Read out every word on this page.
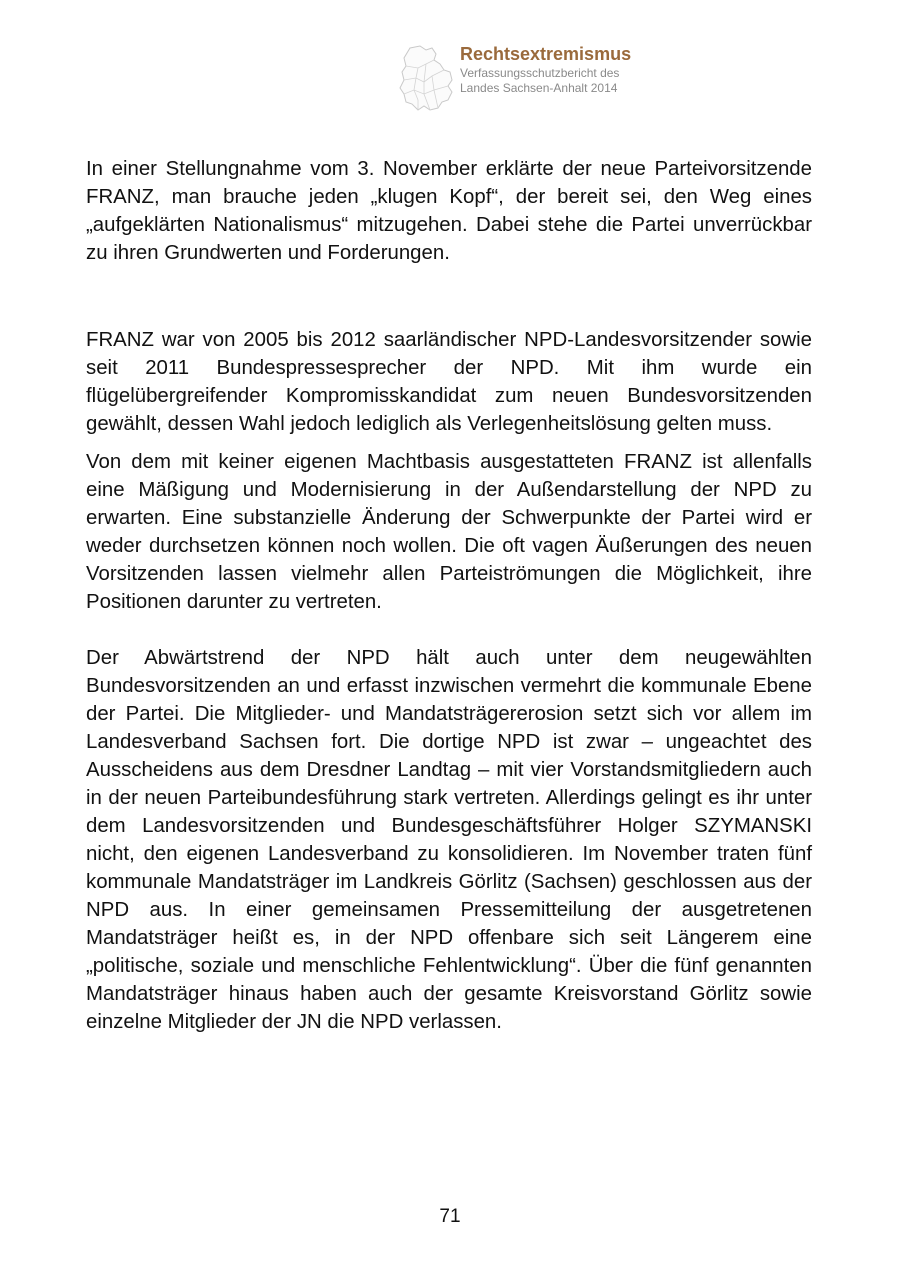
Rechtsextremismus
Verfassungsschutzbericht des
Landes Sachsen-Anhalt 2014

In einer Stellungnahme vom 3. November erklärte der neue Parteivorsitzende FRANZ, man brauche jeden „klugen Kopf“, der bereit sei, den Weg eines „aufgeklärten Nationalismus“ mitzugehen. Dabei stehe die Partei unverrückbar zu ihren Grundwerten und Forderungen.

FRANZ war von 2005 bis 2012 saarländischer NPD-Landesvorsitzender sowie seit 2011 Bundespressesprecher der NPD. Mit ihm wurde ein flügelübergreifender Kompromisskandidat zum neuen Bundesvorsitzenden gewählt, dessen Wahl jedoch lediglich als Verlegenheitslösung gelten muss.

Von dem mit keiner eigenen Machtbasis ausgestatteten FRANZ ist allenfalls eine Mäßigung und Modernisierung in der Außendarstellung der NPD zu erwarten. Eine substanzielle Änderung der Schwerpunkte der Partei wird er weder durchsetzen können noch wollen. Die oft vagen Äußerungen des neuen Vorsitzenden lassen vielmehr allen Parteiströmungen die Möglichkeit, ihre Positionen darunter zu vertreten.

Der Abwärtstrend der NPD hält auch unter dem neugewählten Bundesvorsitzenden an und erfasst inzwischen vermehrt die kommunale Ebene der Partei. Die Mitglieder- und Mandatsträgererosion setzt sich vor allem im Landesverband Sachsen fort. Die dortige NPD ist zwar – ungeachtet des Ausscheidens aus dem Dresdner Landtag – mit vier Vorstandsmitgliedern auch in der neuen Parteibundesführung stark vertreten. Allerdings gelingt es ihr unter dem Landesvorsitzenden und Bundesgeschäftsführer Holger SZYMANSKI nicht, den eigenen Landesverband zu konsolidieren. Im November traten fünf kommunale Mandatsträger im Landkreis Görlitz (Sachsen) geschlossen aus der NPD aus. In einer gemeinsamen Pressemitteilung der ausgetretenen Mandatsträger heißt es, in der NPD offenbare sich seit Längerem eine „politische, soziale und menschliche Fehlentwicklung“. Über die fünf genannten Mandatsträger hinaus haben auch der gesamte Kreisvorstand Görlitz sowie einzelne Mitglieder der JN die NPD verlassen.

71
